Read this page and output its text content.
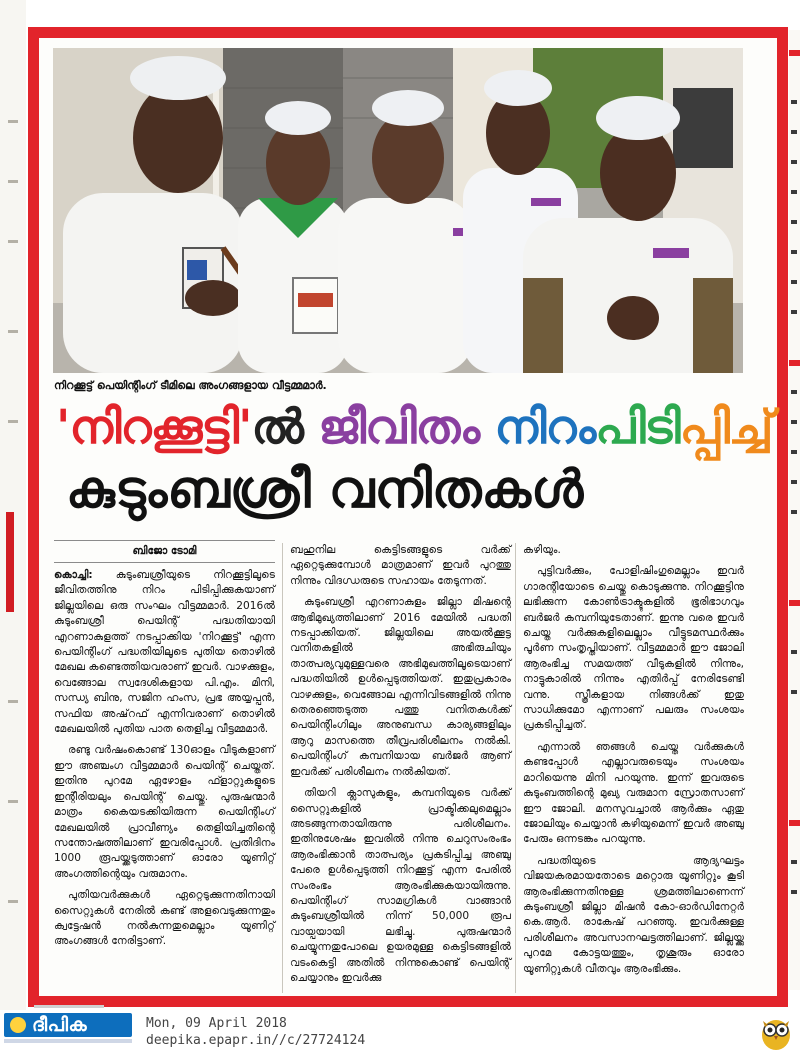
നിറക്കൂട്ട് പെയിന്റിംഗ് ടീമിലെ അംഗങ്ങളായ വീട്ടമ്മമാർ.
'നിറക്കൂട്ടി'ൽ ജീവിതം നിറപിടിപ്പിച്ച്
കുടുംബശ്രീ വനിതകൾ
ബിജോ ടോമി

കൊച്ചി: കുടുംബശ്രീയുടെ നിറക്കൂട്ടിലൂടെ ജീവിതത്തിനു നിറം പിടിപ്പിക്കുകയാണ് ജില്ലയിലെ ഒരു സംഘം വീട്ടമ്മമാർ. 2016ൽ കുടുംബശ്രീ പെയിന്റ് പദ്ധതിയായി എറണാകുളത്ത് നടപ്പാക്കിയ 'നിറക്കൂട്ട്' എന്ന പെയിന്റിംഗ് പദ്ധതിയിലൂടെ പുതിയ തൊഴിൽ മേഖല കണ്ടെത്തിയവരാണ് ഇവർ. വാഴക്കുളം, വെങ്ങോല സ്വദേശികളായ പി.എം. മിനി, സന്ധ്യ ബിനു, സജിന ഹംസ, പ്രഭ അയ്യപ്പൻ, സഫിയ അഷ്‌റഫ് എന്നിവരാണ് തൊഴിൽ മേഖലയിൽ പുതിയ പാത തെളിച്ച വീട്ടമ്മമാർ.

രണ്ടു വർഷംകൊണ്ട് 130ഓളം വീടുകളാണ് ഈ അഞ്ചംഗ വീട്ടമ്മമാർ പെയിന്റ് ചെയ്തത്. ഇതിനു പുറമേ ഏഴോളം ഫ്ളാറ്റുകളുടെ ഇന്റീരിയലും പെയിന്റ് ചെയ്തു. പുരുഷന്മാർ മാത്രം കൈയടക്കിയിരുന്ന പെയിന്റിംഗ് മേഖലയിൽ പ്രാവീണ്യം തെളിയിച്ചതിന്റെ സന്തോഷത്തിലാണ് ഇവരിപ്പോൾ. പ്രതിദിനം 1000 രൂപയ്ക്കടുത്താണ് ഓരോ യൂണിറ്റ് അംഗത്തിന്റെയും വരുമാനം.

പുതിയവർക്കുകൾ ഏറ്റെടുക്കുന്നതിനായി സൈറ്റുകൾ നേരിൽ കണ്ട് അളവെടുക്കുന്നതും ക്വട്ടേഷൻ നൽകുന്നതുമെല്ലാം യൂണിറ്റ് അംഗങ്ങൾ നേരിട്ടാണ്.

ബഹുനില കെട്ടിടങ്ങളുടെ വർക്ക് ഏറ്റെടുക്കുമ്പോൾ മാത്രമാണ് ഇവർ പുറത്തു നിന്നും വിദഗ്ധരുടെ സഹായം തേടുന്നത്.

കുടുംബശ്രീ എറണാകുളം ജില്ലാ മിഷന്റെ ആഭിമുഖ്യത്തിലാണ് 2016 മേയിൽ പദ്ധതി നടപ്പാക്കിയത്. ജില്ലയിലെ അയൽക്കൂട്ട വനിതകളിൽ അഭിരുചിയും താത്പര്യവുമുള്ളവരെ അഭിമുഖത്തിലൂടെയാണ് പദ്ധതിയിൽ ഉൾപ്പെടുത്തിയത്. ഇതുപ്രകാരം വാഴക്കുളം, വെങ്ങോല എന്നിവിടങ്ങളിൽ നിന്നു തെരഞ്ഞെടുത്ത പത്തു വനിതകൾക്ക് പെയിന്റിംഗിലും അനുബന്ധ കാര്യങ്ങളിലും ആറു മാസത്തെ തീവ്രപരിശീലനം നൽകി. പെയിന്റിംഗ് കമ്പനിയായ ബർജർ ആണ് ഇവർക്ക് പരിശീലനം നൽകിയത്.

തിയറി ക്ലാസുകളും, കമ്പനിയുടെ വർക്ക് സൈറ്റുകളിൽ പ്രാക്ടിക്കലുമെല്ലാം അടങ്ങുന്നതായിരുന്നു പരിശീലനം. ഇതിനുശേഷം ഇവരിൽ നിന്നു ചെറുസംരംഭം ആരംഭിക്കാൻ താത്പര്യം പ്രകടിപ്പിച്ച അഞ്ചു പേരെ ഉൾപ്പെടുത്തി നിറക്കൂട്ട് എന്ന പേരിൽ സംരംഭം ആരംഭിക്കുകയായിരുന്നു. പെയിന്റിംഗ് സാമഗ്രികൾ വാങ്ങാൻ കുടുംബശ്രീയിൽ നിന്ന് 50,000 രൂപ വായ്പയായി ലഭിച്ചു. പുരുഷന്മാർ ചെയ്യുന്നതുപോലെ ഉയരമുള്ള കെട്ടിടങ്ങളിൽ വടംകെട്ടി അതിൽ നിന്നുകൊണ്ട് പെയിന്റ് ചെയ്യാനും ഇവർക്കു

കഴിയും.

പുട്ടിവർക്കും, പോളിഷിംഗുമെല്ലാം ഇവർ ഗാരന്റിയോടെ ചെയ്തു കൊടുക്കുന്നു. നിറക്കൂട്ടിനു ലഭിക്കുന്ന കോൺട്രാക്ടുകളിൽ ഭൂരിഭാഗവും ബർജർ കമ്പനിയുടേതാണ്. ഇന്നു വരെ ഇവർ ചെയ്ത വർക്കുകളിലെല്ലാം വീട്ടുടമസ്ഥർക്കും പൂർണ സംതൃപ്തിയാണ്. വീട്ടമ്മമാർ ഈ ജോലി ആരംഭിച്ച സമയത്ത് വീടുകളിൽ നിന്നും, നാട്ടുകാരിൽ നിന്നും എതിർപ്പ് നേരിടേണ്ടി വന്നു. സ്ത്രീകളായ നിങ്ങൾക്ക് ഇതു സാധിക്കുമോ എന്നാണ് പലരും സംശയം പ്രകടിപ്പിച്ചത്.

എന്നാൽ ഞങ്ങൾ ചെയ്ത വർക്കുകൾ കണ്ടപ്പോൾ എല്ലാവരുടെയും സംശയം മാറിയെന്നു മിനി പറയുന്നു. ഇന്ന് ഇവരുടെ കുടുംബത്തിന്റെ മുഖ്യ വരുമാന സ്രോതസാണ് ഈ ജോലി. മനസുവച്ചാൽ ആർക്കും ഏതു ജോലിയും ചെയ്യാൻ കഴിയുമെന്ന് ഇവർ അഞ്ചു പേരും ഒന്നടങ്കം പറയുന്നു.

പദ്ധതിയുടെ ആദ്യഘട്ടം വിജയകരമായതോടെ മറ്റൊരു യൂണിറ്റും കൂടി ആരംഭിക്കുന്നതിനുള്ള ശ്രമത്തിലാണെന്ന് കുടുംബശ്രീ ജില്ലാ മിഷൻ കോ-ഓർഡിനേറ്റർ കെ.ആർ. രാകേഷ് പറഞ്ഞു. ഇവർക്കുള്ള പരിശീലനം അവസാനഘട്ടത്തിലാണ്. ജില്ലയ്ക്കു പുറമേ കോട്ടയത്തും, തൃശൂരും ഓരോ യൂണിറ്റുകൾ വീതവും ആരംഭിക്കും.

ദീപിക	Mon, 09 April 2018
deepika.epapr.in//c/27724124
